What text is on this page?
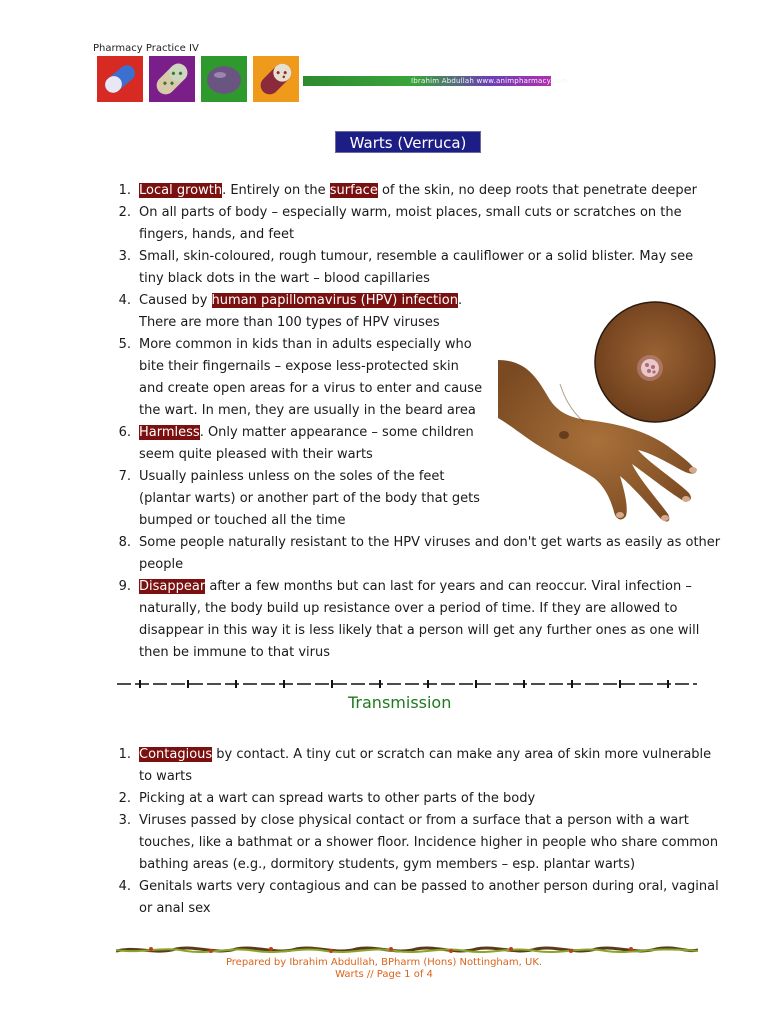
Pharmacy Practice IV
Ibrahim Abdullah www.animpharmacy.com
Warts (Verruca)
1. Local growth. Entirely on the surface of the skin, no deep roots that penetrate deeper
2. On all parts of body – especially warm, moist places, small cuts or scratches on the
fingers, hands, and feet
3. Small, skin-coloured, rough tumour, resemble a cauliflower or a solid blister. May see
tiny black dots in the wart – blood capillaries
4. Caused by human papillomavirus (HPV) infection.
There are more than 100 types of HPV viruses
5. More common in kids than in adults especially who
bite their fingernails – expose less-protected skin
and create open areas for a virus to enter and cause
the wart. In men, they are usually in the beard area
6. Harmless. Only matter appearance – some children
seem quite pleased with their warts
7. Usually painless unless on the soles of the feet
(plantar warts) or another part of the body that gets
bumped or touched all the time
8. Some people naturally resistant to the HPV viruses and don't get warts as easily as other
people
9. Disappear after a few months but can last for years and can reoccur. Viral infection –
naturally, the body build up resistance over a period of time. If they are allowed to
disappear in this way it is less likely that a person will get any further ones as one will
then be immune to that virus
Transmission
1. Contagious by contact. A tiny cut or scratch can make any area of skin more vulnerable
to warts
2. Picking at a wart can spread warts to other parts of the body
3. Viruses passed by close physical contact or from a surface that a person with a wart
touches, like a bathmat or a shower floor. Incidence higher in people who share common
bathing areas (e.g., dormitory students, gym members – esp. plantar warts)
4. Genitals warts very contagious and can be passed to another person during oral, vaginal
or anal sex
Prepared by Ibrahim Abdullah, BPharm (Hons) Nottingham, UK.
Warts // Page 1 of 4
